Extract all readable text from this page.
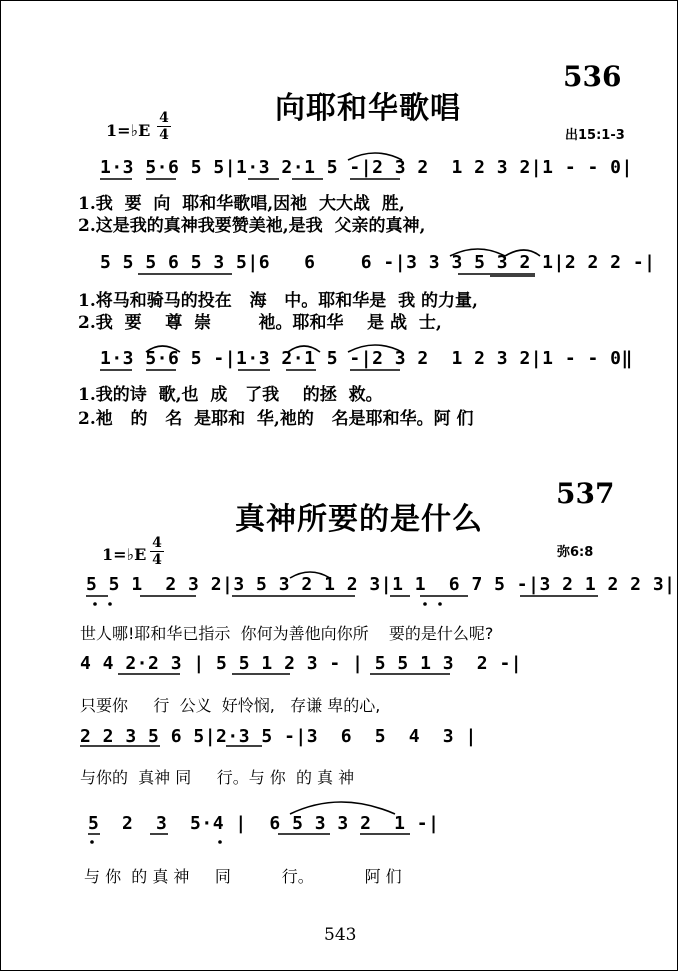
536
向耶和华歌唱
1=♭E
4
4	出15:1-3
1·3 5·6 5 5|1·3 2·1 5 -|2 3 2  1 2 3 2|1 - - 0|
1.我  要  向  耶和华歌唱,因祂  大大战  胜,
2.这是我的真神我要赞美祂,是我  父亲的真神,
5 5 5 6 5 3 5|6   6    6 -|3 3 3 5 3 2 1|2 2 2 -|
1.将马和骑马的投在   海   中。耶和华是  我 的力量,
2.我  要    尊  崇        祂。耶和华    是 战  士,
1·3 5·6 5 -|1·3 2·1 5 -|2 3 2  1 2 3 2|1 - - 0‖
1.我的诗  歌,也  成   了我    的拯  救。
2.祂   的   名  是耶和  华,祂的   名是耶和华。阿 们
537
真神所要的是什么
1=♭E
4
4	弥6:8
5 5 1  2 3 2|3 5 3 2 1 2 3|1 1  6 7 5 -|3 2 1 2 2 3|
世人哪!耶和华已指示  你何为善他向你所    要的是什么呢?
4 4 2·2 3 | 5 5 1 2 3 - | 5 5 1 3  2 -|
只要你     行  公义  好怜悯,   存谦 卑的心,
2 2 3 5 6 5|2·3 5 -|3  6  5  4  3 |
与你的  真神 同     行。与 你  的 真 神
5  2  3  5·4 |  6 5 3 3 2  1 -|
与 你  的 真 神     同          行。          阿 们
543
